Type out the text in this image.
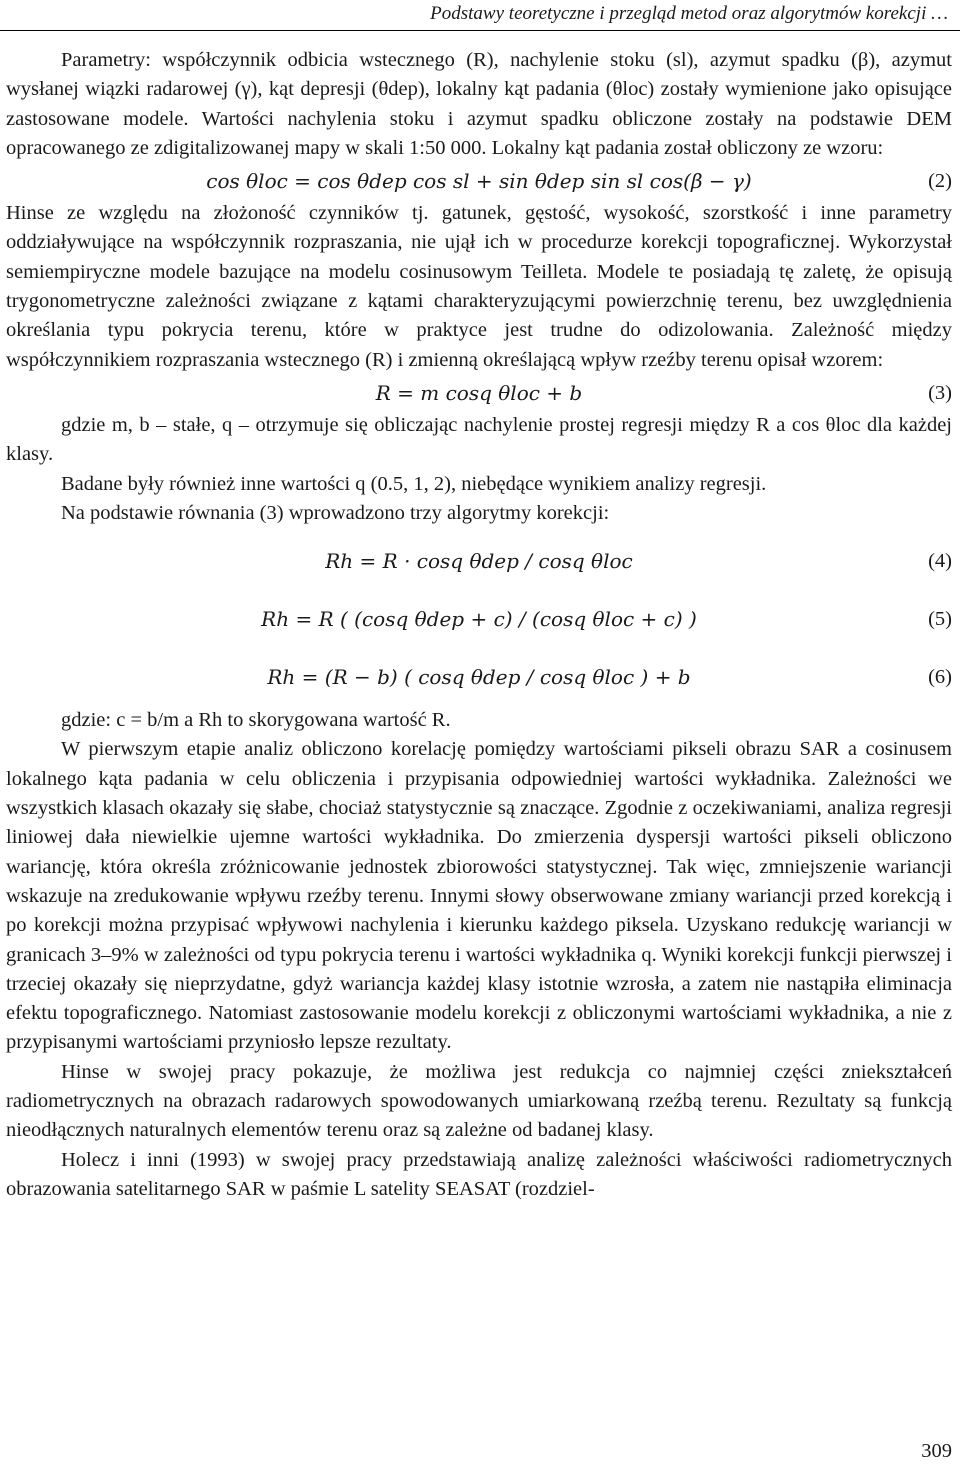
Podstawy teoretyczne i przegląd metod oraz algorytmów korekcji …

Parametry: współczynnik odbicia wstecznego (R), nachylenie stoku (sl), azymut spadku (β), azymut wysłanej wiązki radarowej (γ), kąt depresji (θdep), lokalny kąt padania (θloc) zostały wymienione jako opisujące zastosowane modele. Wartości nachylenia stoku i azymut spadku obliczone zostały na podstawie DEM opracowanego ze zdigitalizowanej mapy w skali 1:50 000. Lokalny kąt padania został obliczony ze wzoru:

cos θloc = cos θdep cos sl + sin θdep sin sl cos(β − γ)	(2)

Hinse ze względu na złożoność czynników tj. gatunek, gęstość, wysokość, szorstkość i inne parametry oddziaływujące na współczynnik rozpraszania, nie ujął ich w procedurze korekcji topograficznej. Wykorzystał semiempiryczne modele bazujące na modelu cosinusowym Teilleta. Modele te posiadają tę zaletę, że opisują trygonometryczne zależności związane z kątami charakteryzującymi powierzchnię terenu, bez uwzględnienia określania typu pokrycia terenu, które w praktyce jest trudne do odizolowania. Zależność między współczynnikiem rozpraszania wstecznego (R) i zmienną określającą wpływ rzeźby terenu opisał wzorem:

R = m cosq θloc + b	(3)

gdzie m, b – stałe, q – otrzymuje się obliczając nachylenie prostej regresji między R a cos θloc dla każdej klasy.

Badane były również inne wartości q (0.5, 1, 2), niebędące wynikiem analizy regresji.

Na podstawie równania (3) wprowadzono trzy algorytmy korekcji:

Rh = R · cosq θdep / cosq θloc	(4)
Rh = R ( (cosq θdep + c) / (cosq θloc + c) )	(5)
Rh = (R − b) ( cosq θdep / cosq θloc ) + b	(6)

gdzie: c = b/m a Rh to skorygowana wartość R.

W pierwszym etapie analiz obliczono korelację pomiędzy wartościami pikseli obrazu SAR a cosinusem lokalnego kąta padania w celu obliczenia i przypisania odpowiedniej wartości wykładnika. Zależności we wszystkich klasach okazały się słabe, chociaż statystycznie są znaczące. Zgodnie z oczekiwaniami, analiza regresji liniowej dała niewielkie ujemne wartości wykładnika. Do zmierzenia dyspersji wartości pikseli obliczono wariancję, która określa zróżnicowanie jednostek zbiorowości statystycznej. Tak więc, zmniejszenie wariancji wskazuje na zredukowanie wpływu rzeźby terenu. Innymi słowy obserwowane zmiany wariancji przed korekcją i po korekcji można przypisać wpływowi nachylenia i kierunku każdego piksela. Uzyskano redukcję wariancji w granicach 3–9% w zależności od typu pokrycia terenu i wartości wykładnika q. Wyniki korekcji funkcji pierwszej i trzeciej okazały się nieprzydatne, gdyż wariancja każdej klasy istotnie wzrosła, a zatem nie nastąpiła eliminacja efektu topograficznego. Natomiast zastosowanie modelu korekcji z obliczonymi wartościami wykładnika, a nie z przypisanymi wartościami przyniosło lepsze rezultaty.

Hinse w swojej pracy pokazuje, że możliwa jest redukcja co najmniej części zniekształceń radiometrycznych na obrazach radarowych spowodowanych umiarkowaną rzeźbą terenu. Rezultaty są funkcją nieodłącznych naturalnych elementów terenu oraz są zależne od badanej klasy.

Holecz i inni (1993) w swojej pracy przedstawiają analizę zależności właściwości radiometrycznych obrazowania satelitarnego SAR w paśmie L satelity SEASAT (rozdziel-

309
